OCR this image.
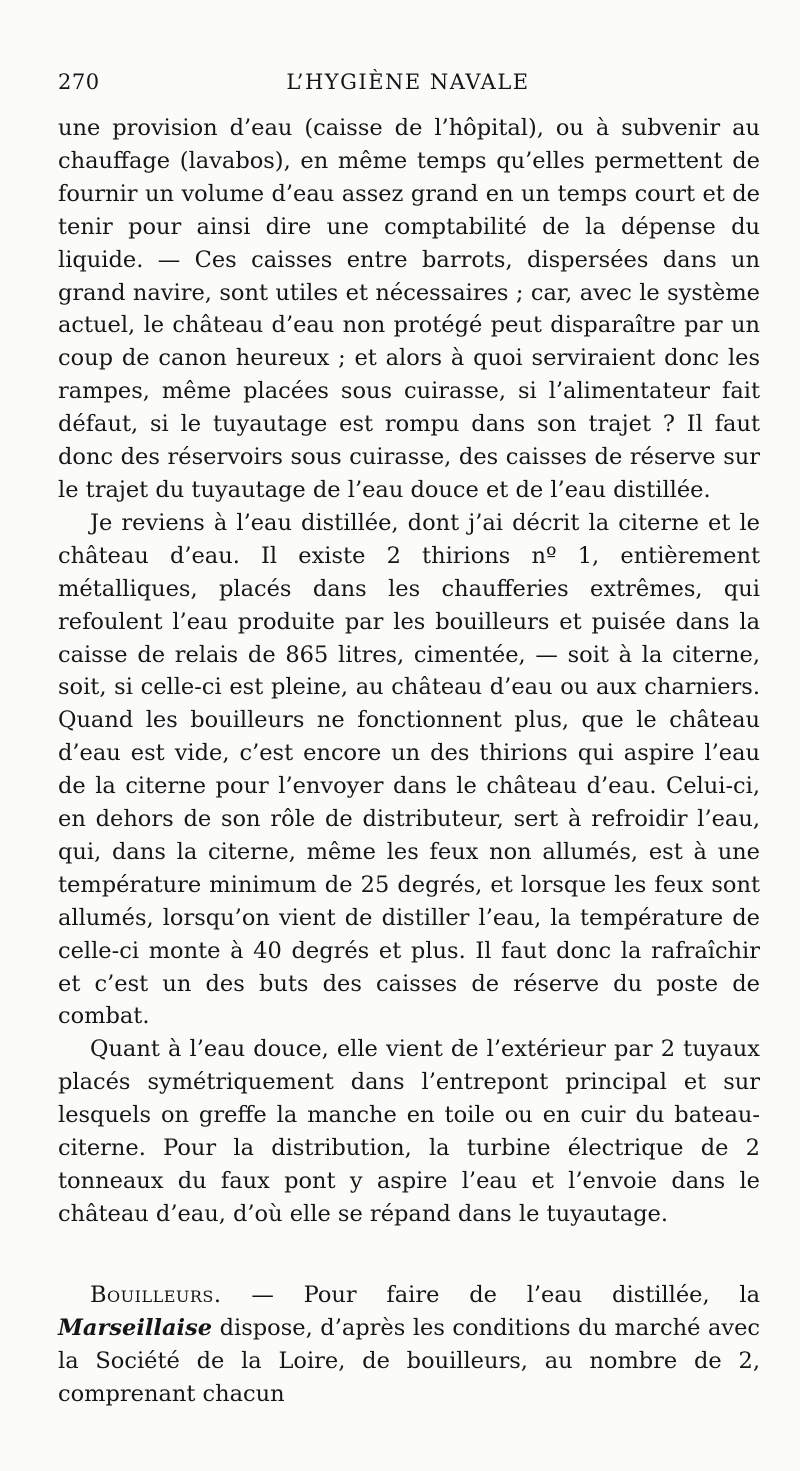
270	L’HYGIÈNE NAVALE

une provision d’eau (caisse de l’hôpital), ou à subvenir au chauffage (lavabos), en même temps qu’elles permettent de fournir un volume d’eau assez grand en un temps court et de tenir pour ainsi dire une comptabilité de la dépense du liquide. — Ces caisses entre barrots, dispersées dans un grand navire, sont utiles et nécessaires ; car, avec le système actuel, le château d’eau non protégé peut disparaître par un coup de canon heureux ; et alors à quoi serviraient donc les rampes, même placées sous cuirasse, si l’alimentateur fait défaut, si le tuyautage est rompu dans son trajet ? Il faut donc des réservoirs sous cuirasse, des caisses de réserve sur le trajet du tuyautage de l’eau douce et de l’eau distillée.

Je reviens à l’eau distillée, dont j’ai décrit la citerne et le château d’eau. Il existe 2 thirions nº 1, entièrement métalliques, placés dans les chaufferies extrêmes, qui refoulent l’eau produite par les bouilleurs et puisée dans la caisse de relais de 865 litres, cimentée, — soit à la citerne, soit, si celle-ci est pleine, au château d’eau ou aux charniers. Quand les bouilleurs ne fonctionnent plus, que le château d’eau est vide, c’est encore un des thirions qui aspire l’eau de la citerne pour l’envoyer dans le château d’eau. Celui-ci, en dehors de son rôle de distributeur, sert à refroidir l’eau, qui, dans la citerne, même les feux non allumés, est à une température minimum de 25 degrés, et lorsque les feux sont allumés, lorsqu’on vient de distiller l’eau, la température de celle-ci monte à 40 degrés et plus. Il faut donc la rafraîchir et c’est un des buts des caisses de réserve du poste de combat.

Quant à l’eau douce, elle vient de l’extérieur par 2 tuyaux placés symétriquement dans l’entrepont principal et sur lesquels on greffe la manche en toile ou en cuir du bateau-citerne. Pour la distribution, la turbine électrique de 2 tonneaux du faux pont y aspire l’eau et l’envoie dans le château d’eau, d’où elle se répand dans le tuyautage.

Bouilleurs. — Pour faire de l’eau distillée, la Marseillaise dispose, d’après les conditions du marché avec la Société de la Loire, de bouilleurs, au nombre de 2, comprenant chacun
